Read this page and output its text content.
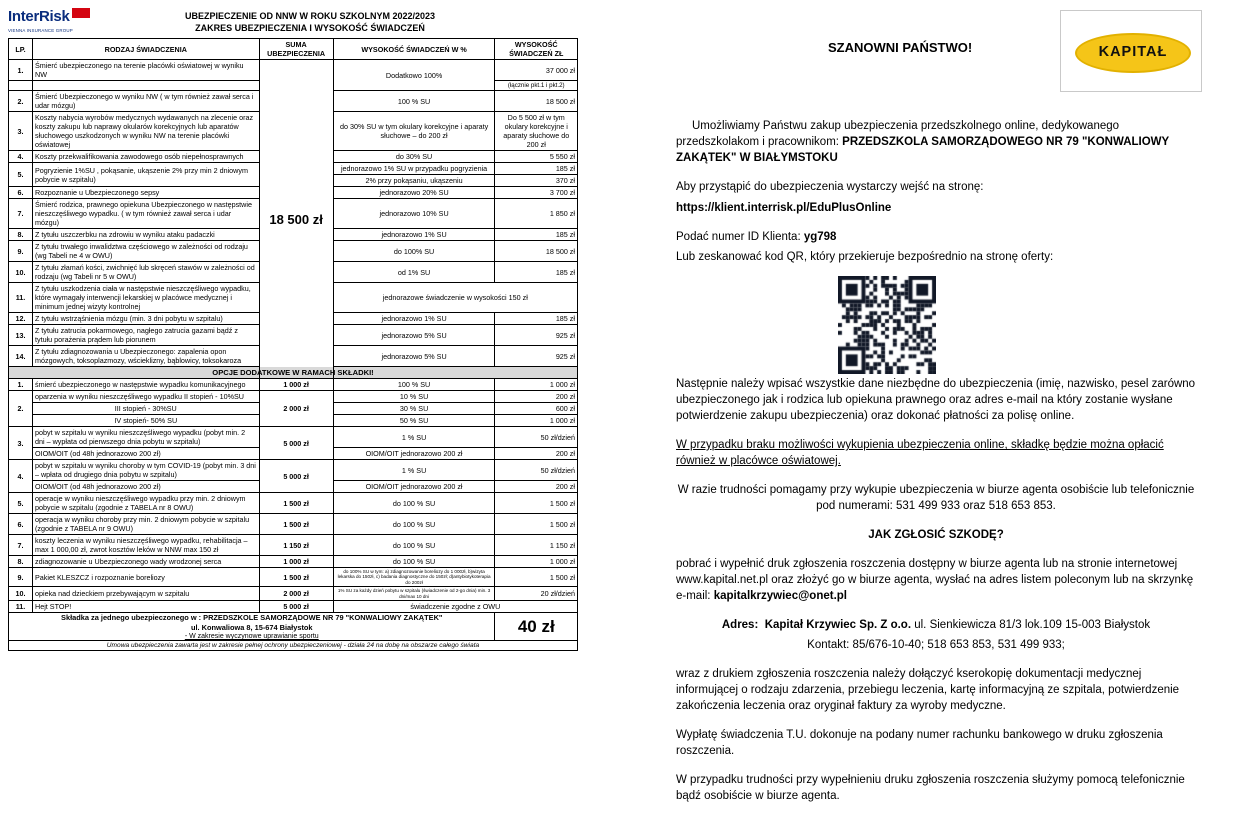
InterRisk
VIENNA INSURANCE GROUP
UBEZPIECZENIE OD NNW W ROKU SZKOLNYM 2022/2023
ZAKRES UBEZPIECZENIA I WYSOKOŚĆ ŚWIADCZEŃ
LP.	RODZAJ ŚWIADCZENIA	SUMA UBEZPIECZENIA	WYSOKOŚĆ ŚWIADCZEŃ W %	WYSOKOŚĆ ŚWIADCZEŃ ZŁ
1.	Śmierć ubezpieczonego na terenie placówki oświatowej w wyniku NW	18 500 zł	Dodatkowo 100%	37 000 zł
				(łącznie pkt.1 i pkt.2)
2.	Śmierć Ubezpieczonego w wyniku NW ( w tym również zawał serca i udar mózgu)		100 % SU	18 500 zł
3.	Koszty nabycia wyrobów medycznych wydawanych na zlecenie oraz koszty zakupu lub naprawy okularów korekcyjnych lub aparatów słuchowego uszkodzonych w wyniku NW na terenie placówki oświatowej		do 30% SU w tym okulary korekcyjne i aparaty słuchowe – do 200 zł	Do 5 500 zł w tym okulary korekcyjne i aparaty słuchowe do 200 zł
4.	Koszty przekwalifikowania zawodowego osób niepełnosprawnych		do 30% SU	5 550 zł
5.	Pogryzienie 1%SU , pokąsanie, ukąszenie 2% przy min 2 dniowym pobycie w szpitalu)		jednorazowo 1% SU w przypadku pogryzienia	185 zł
			2% przy pokąsaniu, ukąszeniu	370 zł
6.	Rozpoznanie u Ubezpieczonego sepsy		jednorazowo 20% SU	3 700 zł
7.	Śmierć rodzica, prawnego opiekuna Ubezpieczonego w następstwie nieszczęśliwego wypadku. ( w tym również zawał serca i udar mózgu)		jednorazowo 10% SU	1 850 zł
8.	Z tytułu uszczerbku na zdrowiu w wyniku ataku padaczki		jednorazowo 1% SU	185 zł
9.	Z tytułu trwałego inwalidztwa częściowego w zależności od rodzaju (wg Tabeli ne 4 w OWU)		do 100% SU	18 500 zł
10.	Z tytułu złamań kości, zwichnięć lub skręceń stawów w zależności od rodzaju (wg Tabeli nr 5 w OWU)		od 1% SU	185 zł
11.	Z tytułu uszkodzenia ciała w następstwie nieszczęśliwego wypadku, które wymagały interwencji lekarskiej w placówce medycznej i minimum jednej wizyty kontrolnej		jednorazowe świadczenie w wysokości 150 zł	
12.	Z tytułu wstrząśnienia mózgu (min. 3 dni pobytu w szpitalu)		jednorazowo 1% SU	185 zł
13.	Z tytułu zatrucia pokarmowego, nagłego zatrucia gazami bądź z tytułu porażenia prądem lub piorunem		jednorazowo 5% SU	925 zł
14.	Z tytułu zdiagnozowania u Ubezpieczonego: zapalenia opon mózgowych, toksoplazmozy, wścieklizny, bąblowicy, toksokaroza		jednorazowo 5% SU	925 zł
OPCJE DODATKOWE W RAMACH SKŁADKI!				
1.	śmierć ubezpieczonego w następstwie wypadku komunikacyjnego	1 000 zł	100 % SU	1 000 zł
2.	oparzenia w wyniku nieszczęśliwego wypadku II stopień - 10%SU	2 000 zł	10 % SU	200 zł
	III stopień - 30%SU		30 % SU	600 zł
	IV stopień- 50% SU		50 % SU	1 000 zł
3.	pobyt w szpitalu w wyniku nieszczęśliwego wypadku (pobyt min. 2 dni – wypłata od pierwszego dnia pobytu w szpitalu)	5 000 zł	1 % SU	50 zł/dzień
	OIOM/OIT (od 48h jednorazowo 200 zł)		OIOM/OIT jednorazowo 200 zł	200 zł
4.	pobyt w szpitalu w wyniku choroby w tym COVID-19 (pobyt min. 3 dni – wpłata od drugiego dnia pobytu w szpitalu)	5 000 zł	1 % SU	50 zł/dzień
	OIOM/OIT (od 48h jednorazowo 200 zł)		OIOM/OIT jednorazowo 200 zł	200 zł
5.	operacje w wyniku nieszczęśliwego wypadku przy min. 2 dniowym pobycie w szpitalu (zgodnie z TABELA nr 8 OWU)	1 500 zł	do 100 % SU	1 500 zł
6.	operacja w wyniku choroby przy min. 2 dniowym pobycie w szpitalu (zgodnie z TABELA nr 9 OWU)	1 500 zł	do 100 % SU	1 500 zł
7.	koszty leczenia w wyniku nieszczęśliwego wypadku, rehabilitacja – max 1 000,00 zł, zwrot kosztów leków w NNW max 150 zł	1 150 zł	do 100 % SU	1 150 zł
8.	zdiagnozowanie u Ubezpieczonego wady wrodzonej serca	1 000 zł	do 100 % SU	1 000 zł
9.	Pakiet KLESZCZ i rozpoznanie boreliozy	1 500 zł	do 100% SU w tym: a) zdiagnozowanie boreliozy do 1 000zł, b)wizyta lekarska do 150zł, c) badania diagnostyczne do 150zł; d)antybiotykoterapia do 200zł	1 500 zł
10.	opieka nad dzieckiem przebywającym w szpitalu	2 000 zł	1% SU za każdy dzień pobytu w szpitalu (świadczenie od 2-go dnia) min. 3 dni/max 10 dni	20 zł/dzień
11.	Hejt STOP!	5 000 zł	świadczenie zgodne z OWU	

Składka za jednego ubezpieczonego w : PRZEDSZKOLE SAMORZĄDOWE NR 79 "KONWALIOWY ZAKĄTEK"
ul. Konwaliowa 8, 15-674 Białystok
- W zakresie wyczynowe uprawianie sportu				40 zł
Umowa ubezpieczenia zawarta jest w zakresie pełnej ochrony ubezpieczeniowej - działa 24 na dobę na obszarze całego świata				
KAPITAŁ
SZANOWNI PAŃSTWO!

Umożliwiamy Państwu zakup ubezpieczenia przedszkolnego online, dedykowanego przedszkolakom i pracownikom: PRZEDSZKOLA SAMORZĄDOWEGO NR 79 "KONWALIOWY ZAKĄTEK" W BIAŁYMSTOKU

Aby przystąpić do ubezpieczenia wystarczy wejść na stronę:

https://klient.interrisk.pl/EduPlusOnline

Podać numer ID Klienta: yg798

Lub zeskanować kod QR, który przekieruje bezpośrednio na stronę oferty:

Następnie należy wpisać wszystkie dane niezbędne do ubezpieczenia (imię, nazwisko, pesel zarówno ubezpieczonego jak i rodzica lub opiekuna prawnego oraz adres e-mail na który zostanie wysłane potwierdzenie zakupu ubezpieczenia) oraz dokonać płatności za polisę online.

W przypadku braku możliwości wykupienia ubezpieczenia online, składkę będzie można opłacić również w placówce oświatowej.

W razie trudności pomagamy przy wykupie ubezpieczenia w biurze agenta osobiście lub telefonicznie pod numerami: 531 499 933 oraz 518 653 853.

JAK ZGŁOSIĆ SZKODĘ?

pobrać i wypełnić druk zgłoszenia roszczenia dostępny w biurze agenta lub na stronie internetowej www.kapital.net.pl oraz złożyć go w biurze agenta, wysłać na adres listem poleconym lub na skrzynkę e-mail: kapitalkrzywiec@onet.pl

Adres: Kapitał Krzywiec Sp. Z o.o. ul. Sienkiewicza 81/3 lok.109 15-003 Białystok

Kontakt: 85/676-10-40; 518 653 853, 531 499 933;

wraz z drukiem zgłoszenia roszczenia należy dołączyć kserokopię dokumentacji medycznej informującej o rodzaju zdarzenia, przebiegu leczenia, kartę informacyjną ze szpitala, potwierdzenie zakończenia leczenia oraz oryginał faktury za wyroby medyczne.

Wypłatę świadczenia T.U. dokonuje na podany numer rachunku bankowego w druku zgłoszenia roszczenia.

W przypadku trudności przy wypełnieniu druku zgłoszenia roszczenia służymy pomocą telefonicznie bądź osobiście w biurze agenta.
